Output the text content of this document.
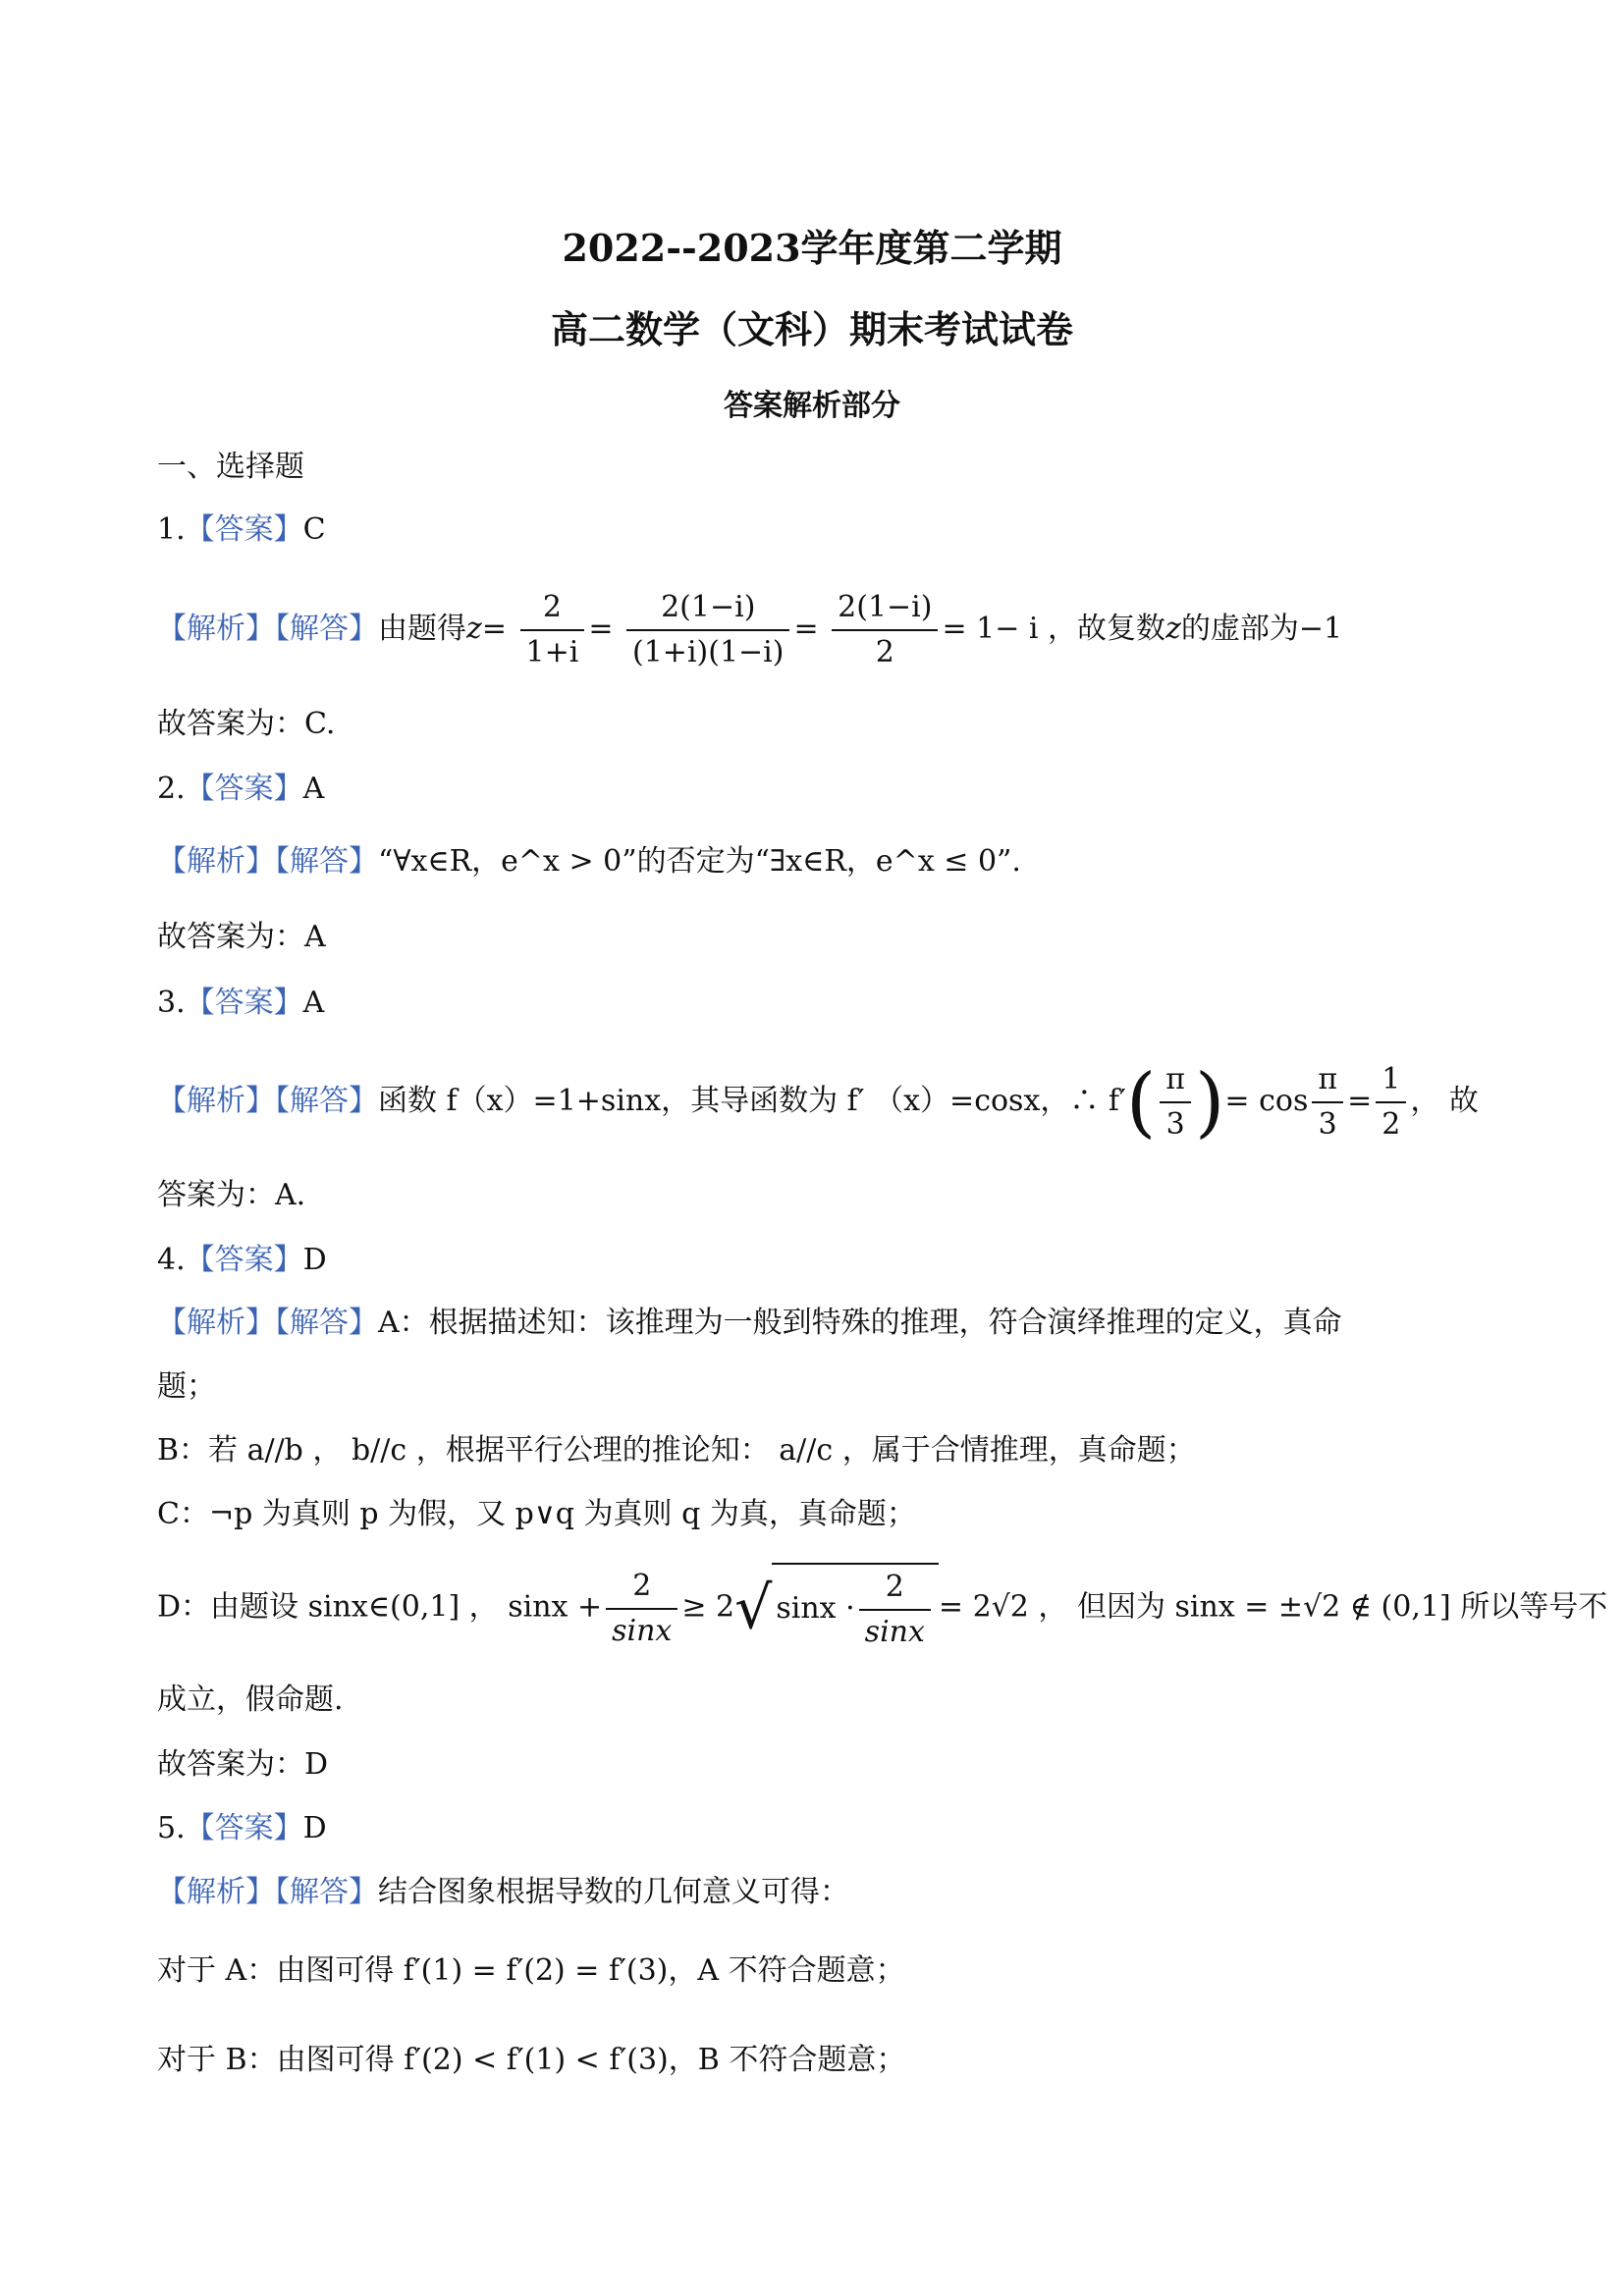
2022--2023学年度第二学期
高二数学（文科）期末考试试卷
答案解析部分
一、选择题
1.【答案】C
【解析】【解答】由题得$z= \frac{2}{1+i} = \frac{2(1-i)}{(1+i)(1-i)} = \frac{2(1-i)}{2} = 1- i$ ，故复数z的虚部为−1
故答案为：C.
2.【答案】A
【解析】【解答】“∀x∈R，e^x > 0”的否定为“∃x∈R，e^x ≤ 0”.
故答案为：A
3.【答案】A
【解析】【解答】函数 f（x）=1+sinx，其导函数为 f′ （x）=cosx，∴ $f'( \frac{\pi}{3}$ )= $\cos \frac{\pi}{3} = \frac{1}{2}$ ， 故
答案为：A.
4.【答案】D
【解析】【解答】A：根据描述知：该推理为一般到特殊的推理，符合演绎推理的定义，真命
题；
B：若 a//b ， b//c ，根据平行公理的推论知： a//c ，属于合情推理，真命题；
C：¬p 为真则 p 为假，又 p∨q 为真则 q 为真，真命题；
D：由题设 sinx∈(0,1] ， $\sin x + \frac{2}{\sin x} \ge 2√$ $\sin x \cdot \frac{2}{\sin x} = 2√2$ ， 但因为 sinx = ±√2 ∉ (0,1] 所以等号不
成立，假命题.
故答案为：D
5.【答案】D
【解析】【解答】结合图象根据导数的几何意义可得：
对于 A：由图可得 f′(1) = f′(2) = f′(3)，A 不符合题意；
对于 B：由图可得 f′(2) < f′(1) < f′(3)，B 不符合题意；
